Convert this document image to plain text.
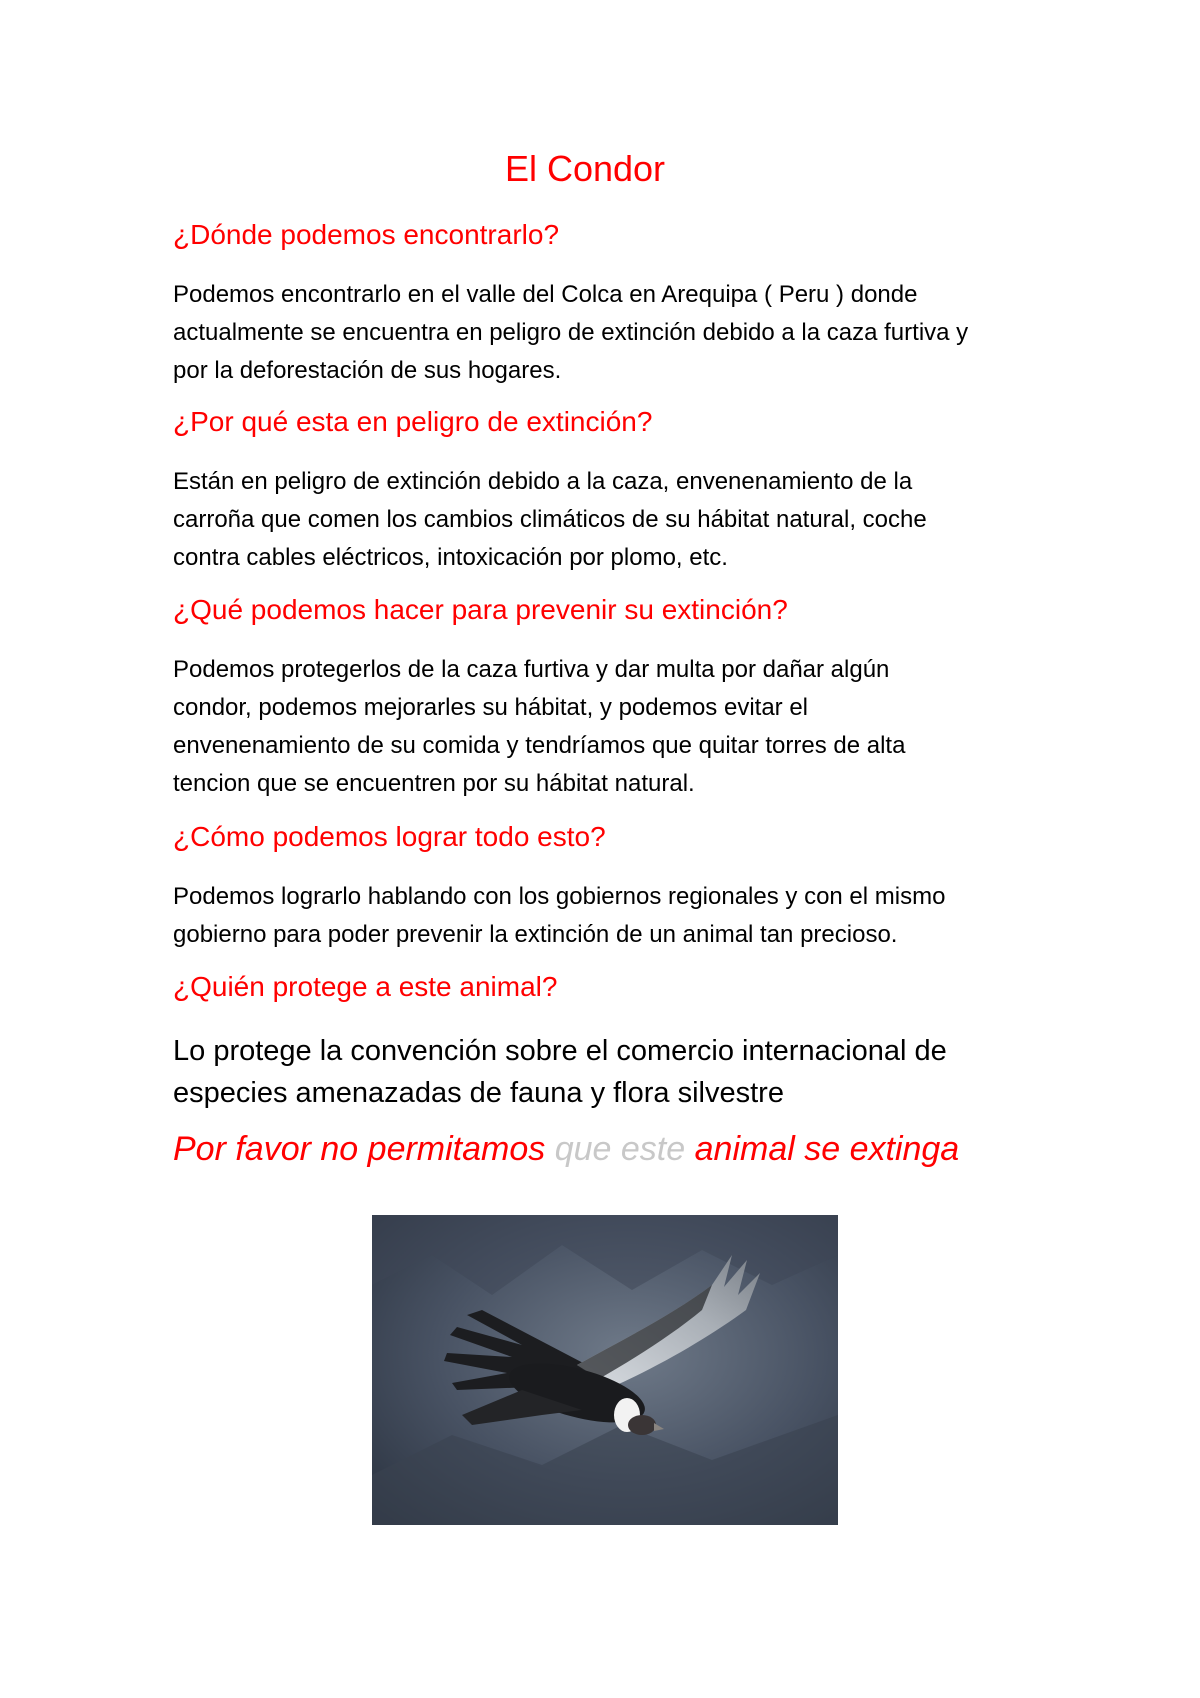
El Condor
¿Dónde podemos encontrarlo?

Podemos encontrarlo en el valle del Colca en Arequipa ( Peru ) donde

actualmente se encuentra en peligro de extinción debido a la caza furtiva y

por la deforestación de sus hogares.

¿Por qué esta en peligro de extinción?

Están en peligro de extinción debido a la caza, envenenamiento de la

carroña que comen los cambios climáticos de su hábitat natural, coche

contra cables eléctricos, intoxicación por plomo, etc.

¿Qué podemos hacer para prevenir su extinción?

Podemos protegerlos de la caza furtiva y dar multa por dañar algún

condor, podemos mejorarles su hábitat, y podemos evitar el

envenenamiento de su comida y tendríamos que quitar torres de alta

tencion que se encuentren por su hábitat natural.

¿Cómo podemos lograr todo esto?

Podemos lograrlo hablando con los gobiernos regionales y con el mismo

gobierno para poder prevenir la extinción de un animal tan precioso.

¿Quién protege a este animal?

Lo protege la convención sobre el comercio internacional de

especies amenazadas de fauna y flora silvestre

Por favor no permitamos que este animal se extinga
